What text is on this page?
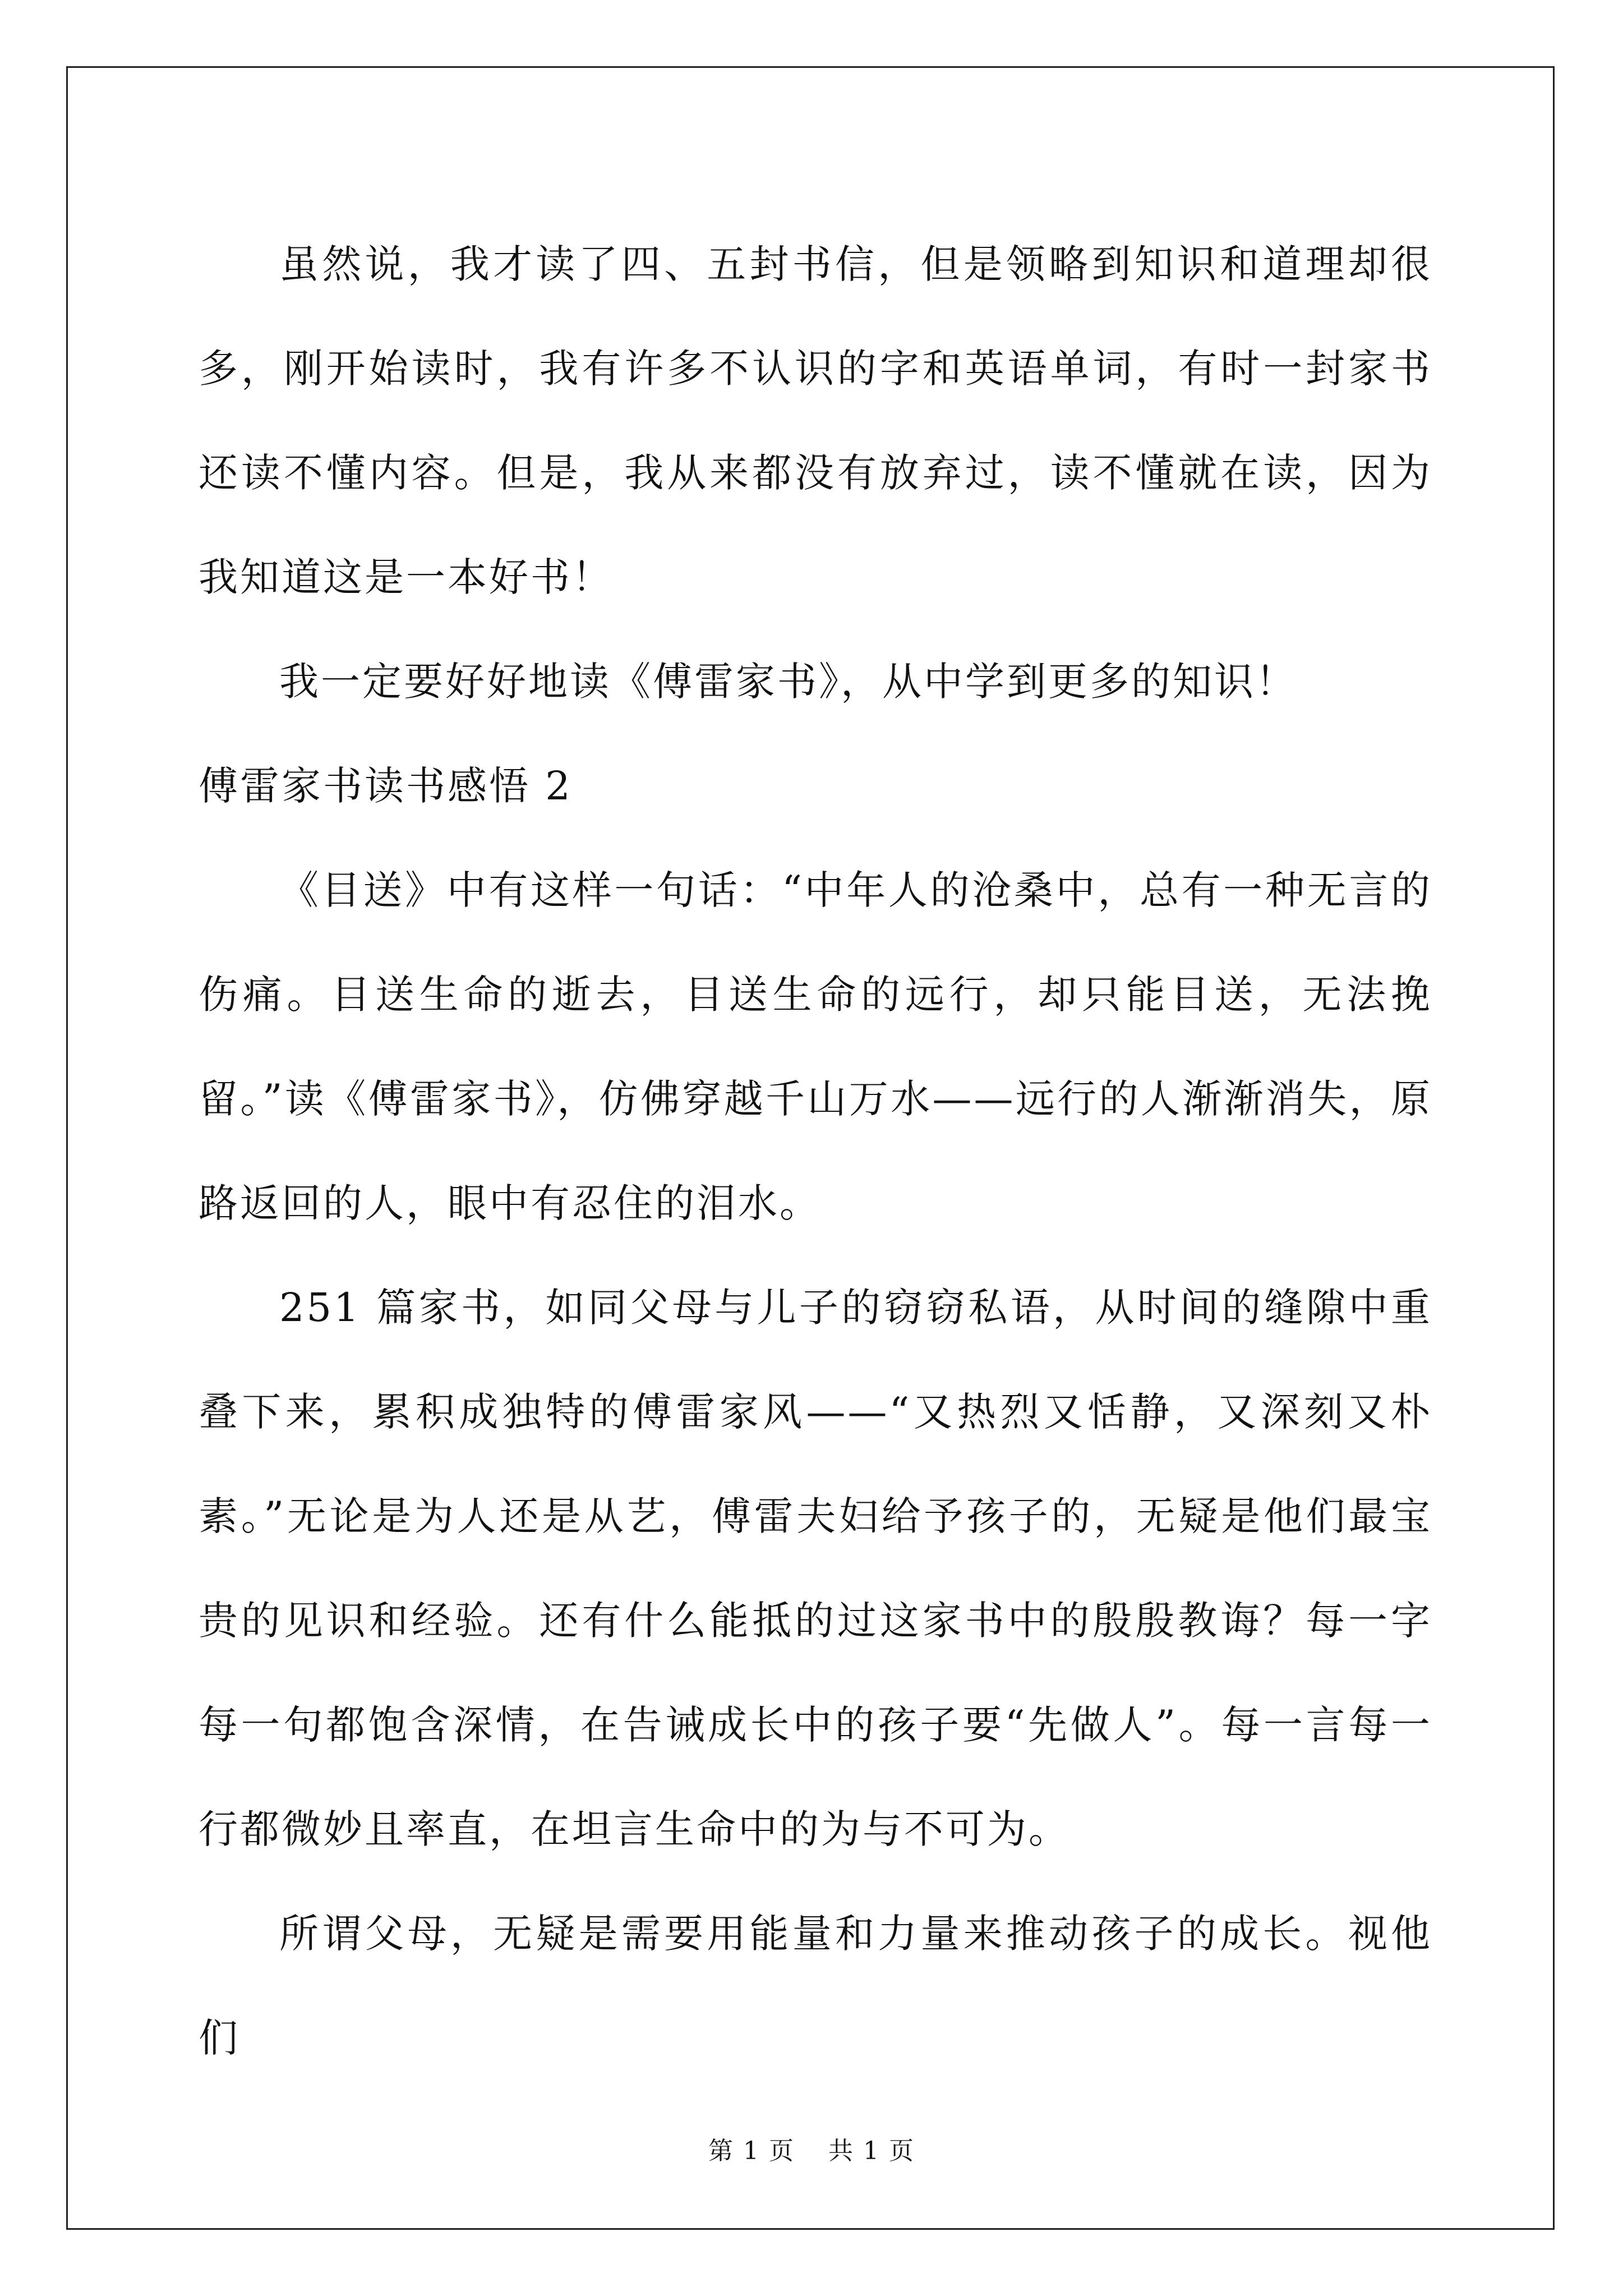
虽然说，我才读了四、五封书信，但是领略到知识和道理却很多，刚开始读时，我有许多不认识的字和英语单词，有时一封家书还读不懂内容。但是，我从来都没有放弃过，读不懂就在读，因为我知道这是一本好书！

我一定要好好地读《傅雷家书》，从中学到更多的知识！

傅雷家书读书感悟 2

《目送》中有这样一句话：“中年人的沧桑中，总有一种无言的伤痛。目送生命的逝去，目送生命的远行，却只能目送，无法挽留。”读《傅雷家书》，仿佛穿越千山万水——远行的人渐渐消失，原路返回的人，眼中有忍住的泪水。

251 篇家书，如同父母与儿子的窃窃私语，从时间的缝隙中重叠下来，累积成独特的傅雷家风——“又热烈又恬静，又深刻又朴素。”无论是为人还是从艺，傅雷夫妇给予孩子的，无疑是他们最宝贵的见识和经验。还有什么能抵的过这家书中的殷殷教诲？每一字每一句都饱含深情，在告诫成长中的孩子要“先做人”。每一言每一行都微妙且率直，在坦言生命中的为与不可为。

所谓父母，无疑是需要用能量和力量来推动孩子的成长。视他们

第 1 页 共 1 页
